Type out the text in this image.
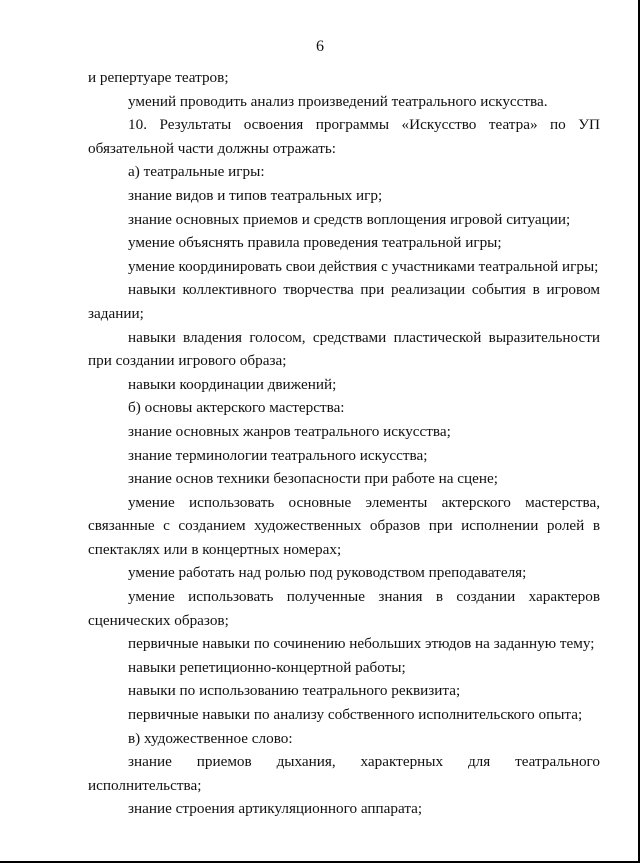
6

и репертуаре театров;

умений проводить анализ произведений театрального искусства.

10. Результаты освоения программы «Искусство театра» по УП обязательной части должны отражать:

а) театральные игры:

знание видов и типов театральных игр;

знание основных приемов и средств воплощения игровой ситуации;

умение объяснять правила проведения театральной игры;

умение координировать свои действия с участниками театральной игры;

навыки коллективного творчества при реализации события в игровом задании;

навыки владения голосом, средствами пластической выразительности при создании игрового образа;

навыки координации движений;

б) основы актерского мастерства:

знание основных жанров театрального искусства;

знание терминологии театрального искусства;

знание основ техники безопасности при работе на сцене;

умение использовать основные элементы актерского мастерства, связанные с созданием художественных образов при исполнении ролей в спектаклях или в концертных номерах;

умение работать над ролью под руководством преподавателя;

умение использовать полученные знания в создании характеров сценических образов;

первичные навыки по сочинению небольших этюдов на заданную тему;

навыки репетиционно-концертной работы;

навыки по использованию театрального реквизита;

первичные навыки по анализу собственного исполнительского опыта;

в) художественное слово:

знание приемов дыхания, характерных для театрального исполнительства;

знание строения артикуляционного аппарата;
